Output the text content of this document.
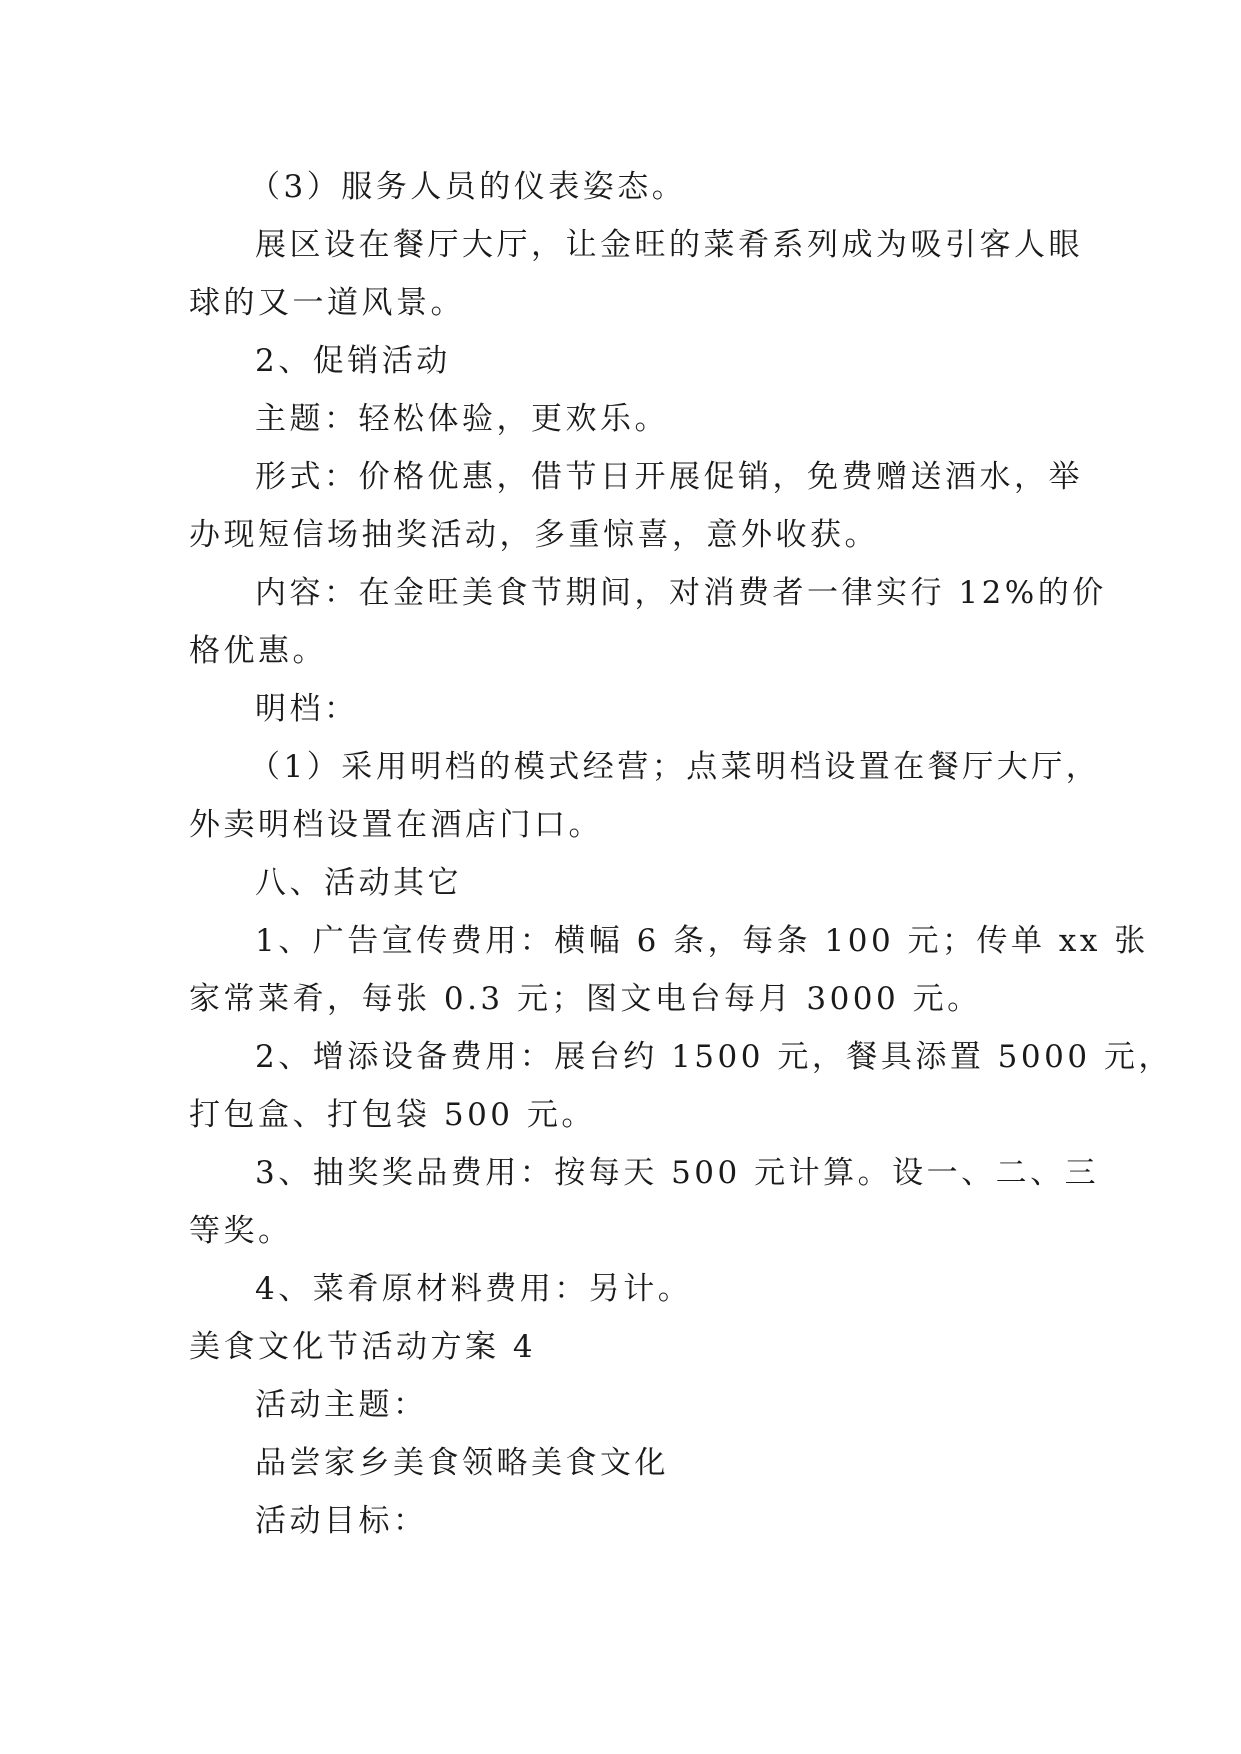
（3）服务人员的仪表姿态。
展区设在餐厅大厅，让金旺的菜肴系列成为吸引客人眼
球的又一道风景。
2、促销活动
主题：轻松体验，更欢乐。
形式：价格优惠，借节日开展促销，免费赠送酒水，举
办现短信场抽奖活动，多重惊喜，意外收获。
内容：在金旺美食节期间，对消费者一律实行 12%的价
格优惠。
明档：
（1）采用明档的模式经营；点菜明档设置在餐厅大厅，
外卖明档设置在酒店门口。
八、活动其它
1、广告宣传费用：横幅 6 条，每条 100 元；传单 xx 张
家常菜肴，每张 0.3 元；图文电台每月 3000 元。
2、增添设备费用：展台约 1500 元，餐具添置 5000 元，
打包盒、打包袋 500 元。
3、抽奖奖品费用：按每天 500 元计算。设一、二、三
等奖。
4、菜肴原材料费用：另计。
美食文化节活动方案 4
活动主题：
品尝家乡美食领略美食文化
活动目标：
